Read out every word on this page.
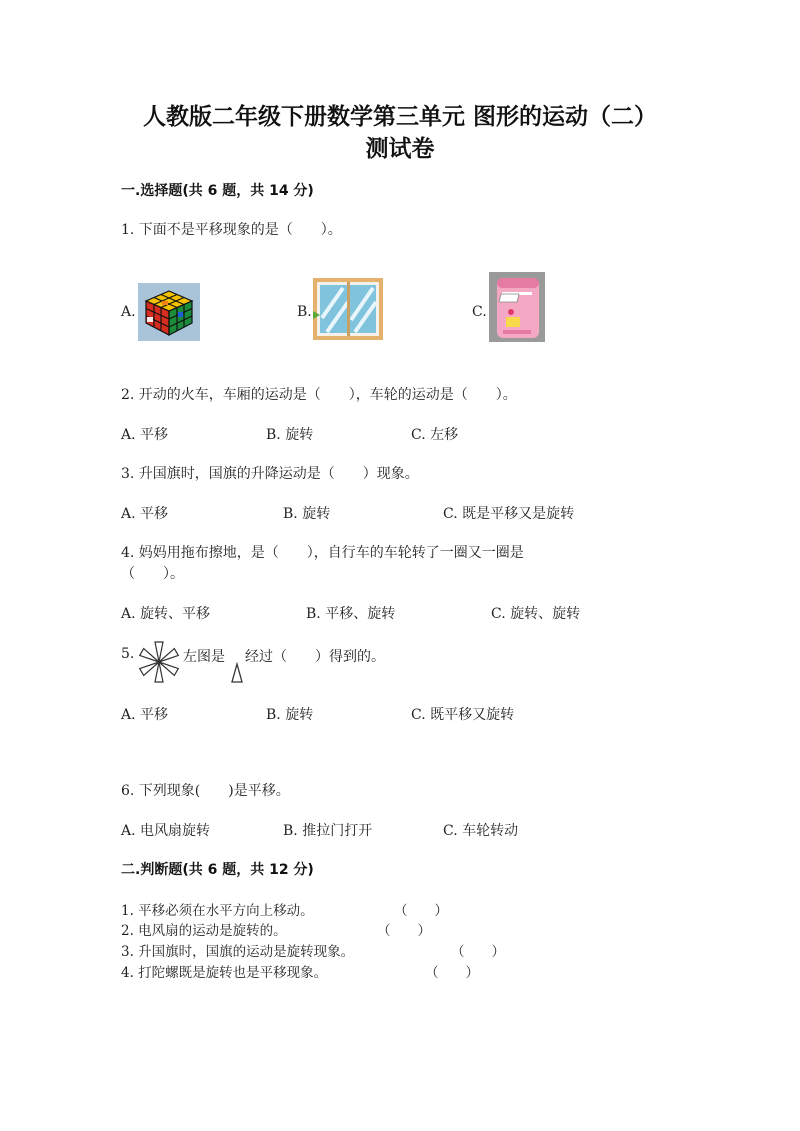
人教版二年级下册数学第三单元 图形的运动（二）
测试卷
一.选择题(共 6 题，共 14 分)
1. 下面不是平移现象的是（　　）。
A.	B.	C.
2. 开动的火车，车厢的运动是（　　），车轮的运动是（　　）。
A. 平移	B. 旋转	C. 左移
3. 升国旗时，国旗的升降运动是（　　）现象。
A. 平移	B. 旋转	C. 既是平移又是旋转
4. 妈妈用拖布擦地，是（　　），自行车的车轮转了一圈又一圈是
（　　）。
A. 旋转、平移	B. 平移、旋转	C. 旋转、旋转
5.	左图是 经过（　　）得到的。
A. 平移	B. 旋转	C. 既平移又旋转
6. 下列现象(　　)是平移。
A. 电风扇旋转	B. 推拉门打开	C. 车轮转动
二.判断题(共 6 题，共 12 分)
1. 平移必须在水平方向上移动。	（　　）
2. 电风扇的运动是旋转的。	（　　）
3. 升国旗时，国旗的运动是旋转现象。	（　　）
4. 打陀螺既是旋转也是平移现象。	（　　）
